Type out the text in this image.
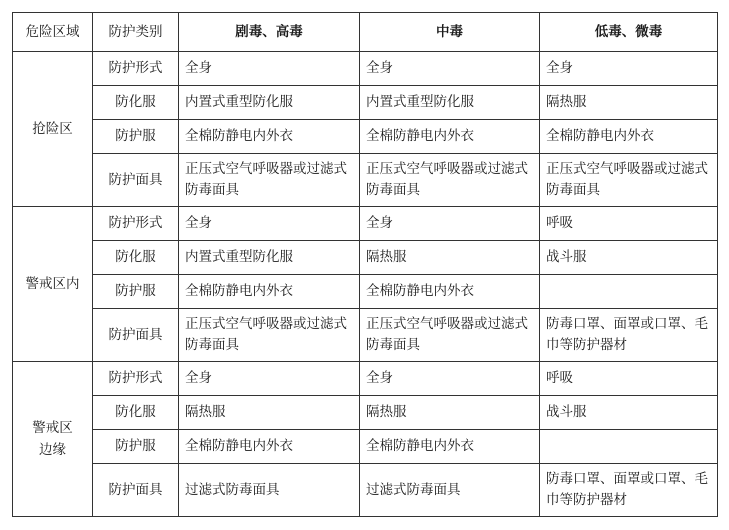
危险区域	防护类别	剧毒、高毒	中毒	低毒、微毒
抢险区	防护形式	全身	全身	全身
	防化服	内置式重型防化服	内置式重型防化服	隔热服
	防护服	全棉防静电内外衣	全棉防静电内外衣	全棉防静电内外衣
	防护面具	正压式空气呼吸器或过滤式防毒面具	正压式空气呼吸器或过滤式防毒面具	正压式空气呼吸器或过滤式防毒面具
警戒区内	防护形式	全身	全身	呼吸
	防化服	内置式重型防化服	隔热服	战斗服
	防护服	全棉防静电内外衣	全棉防静电内外衣	
	防护面具	正压式空气呼吸器或过滤式防毒面具	正压式空气呼吸器或过滤式防毒面具	防毒口罩、面罩或口罩、毛巾等防护器材
警戒区边缘	防护形式	全身	全身	呼吸
	防化服	隔热服	隔热服	战斗服
	防护服	全棉防静电内外衣	全棉防静电内外衣	
	防护面具	过滤式防毒面具	过滤式防毒面具	防毒口罩、面罩或口罩、毛巾等防护器材
